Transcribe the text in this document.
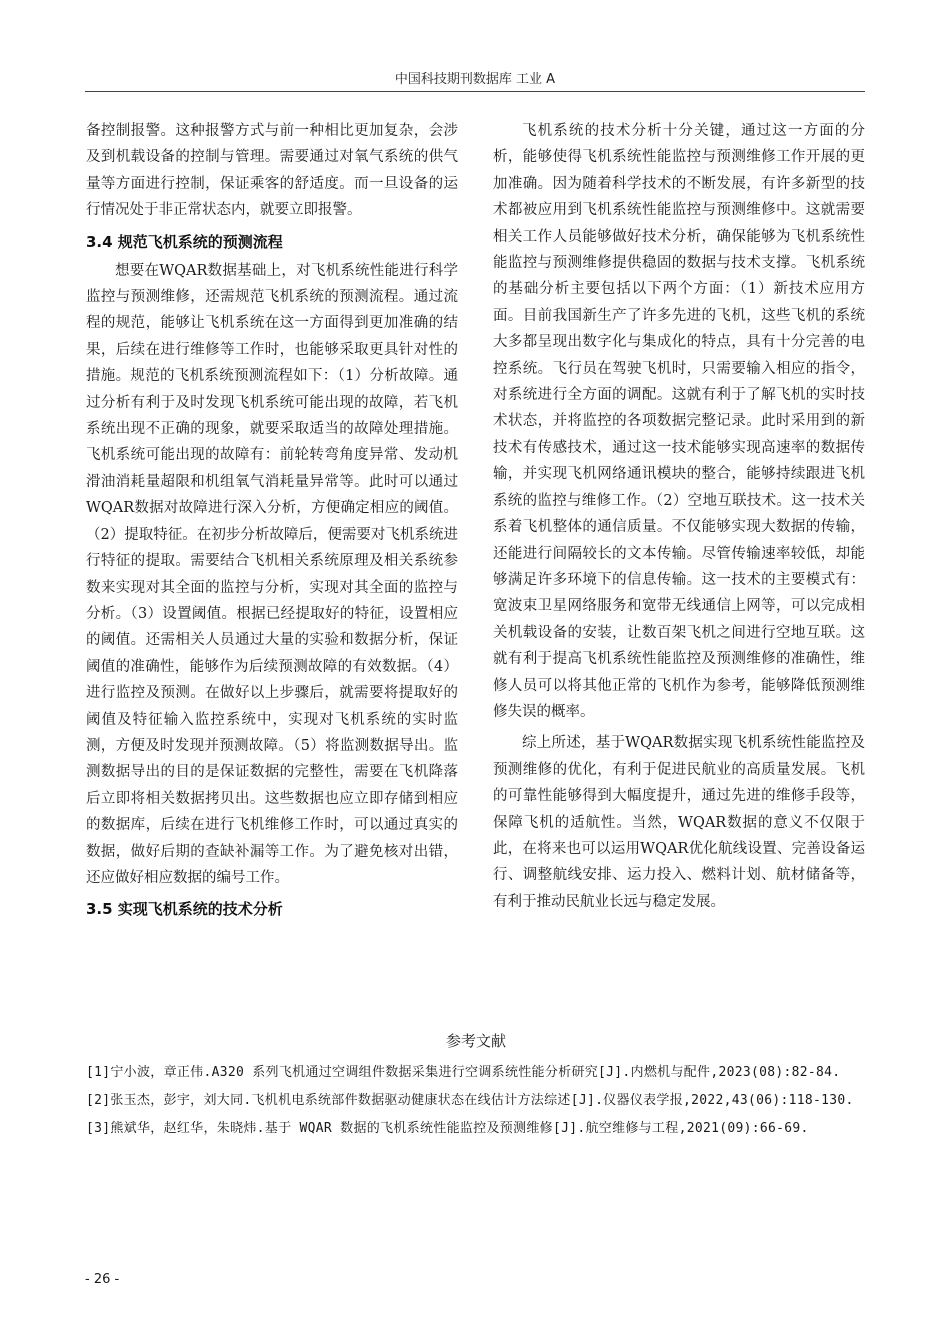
中国科技期刊数据库 工业 A

备控制报警。这种报警方式与前一种相比更加复杂，会涉及到机载设备的控制与管理。需要通过对氧气系统的供气量等方面进行控制，保证乘客的舒适度。而一旦设备的运行情况处于非正常状态内，就要立即报警。

3.4 规范飞机系统的预测流程

想要在WQAR数据基础上，对飞机系统性能进行科学监控与预测维修，还需规范飞机系统的预测流程。通过流程的规范，能够让飞机系统在这一方面得到更加准确的结果，后续在进行维修等工作时，也能够采取更具针对性的措施。规范的飞机系统预测流程如下：（1）分析故障。通过分析有利于及时发现飞机系统可能出现的故障，若飞机系统出现不正确的现象，就要采取适当的故障处理措施。飞机系统可能出现的故障有：前轮转弯角度异常、发动机滑油消耗量超限和机组氧气消耗量异常等。此时可以通过WQAR数据对故障进行深入分析，方便确定相应的阈值。（2）提取特征。在初步分析故障后，便需要对飞机系统进行特征的提取。需要结合飞机相关系统原理及相关系统参数来实现对其全面的监控与分析，实现对其全面的监控与分析。（3）设置阈值。根据已经提取好的特征，设置相应的阈值。还需相关人员通过大量的实验和数据分析，保证阈值的准确性，能够作为后续预测故障的有效数据。（4）进行监控及预测。在做好以上步骤后，就需要将提取好的阈值及特征输入监控系统中，实现对飞机系统的实时监测，方便及时发现并预测故障。（5）将监测数据导出。监测数据导出的目的是保证数据的完整性，需要在飞机降落后立即将相关数据拷贝出。这些数据也应立即存储到相应的数据库，后续在进行飞机维修工作时，可以通过真实的数据，做好后期的查缺补漏等工作。为了避免核对出错，还应做好相应数据的编号工作。

3.5 实现飞机系统的技术分析

飞机系统的技术分析十分关键，通过这一方面的分析，能够使得飞机系统性能监控与预测维修工作开展的更加准确。因为随着科学技术的不断发展，有许多新型的技术都被应用到飞机系统性能监控与预测维修中。这就需要相关工作人员能够做好技术分析，确保能够为飞机系统性能监控与预测维修提供稳固的数据与技术支撑。飞机系统的基础分析主要包括以下两个方面：（1）新技术应用方面。目前我国新生产了许多先进的飞机，这些飞机的系统大多都呈现出数字化与集成化的特点，具有十分完善的电控系统。飞行员在驾驶飞机时，只需要输入相应的指令，对系统进行全方面的调配。这就有利于了解飞机的实时技术状态，并将监控的各项数据完整记录。此时采用到的新技术有传感技术，通过这一技术能够实现高速率的数据传输，并实现飞机网络通讯模块的整合，能够持续跟进飞机系统的监控与维修工作。（2）空地互联技术。这一技术关系着飞机整体的通信质量。不仅能够实现大数据的传输，还能进行间隔较长的文本传输。尽管传输速率较低，却能够满足许多环境下的信息传输。这一技术的主要模式有：宽波束卫星网络服务和宽带无线通信上网等，可以完成相关机载设备的安装，让数百架飞机之间进行空地互联。这就有利于提高飞机系统性能监控及预测维修的准确性，维修人员可以将其他正常的飞机作为参考，能够降低预测维修失误的概率。

综上所述，基于WQAR数据实现飞机系统性能监控及预测维修的优化，有利于促进民航业的高质量发展。飞机的可靠性能够得到大幅度提升，通过先进的维修手段等，保障飞机的适航性。当然，WQAR数据的意义不仅限于此，在将来也可以运用WQAR优化航线设置、完善设备运行、调整航线安排、运力投入、燃料计划、航材储备等，有利于推动民航业长远与稳定发展。

参考文献

[1]宁小波，章正伟.A320 系列飞机通过空调组件数据采集进行空调系统性能分析研究[J].内燃机与配件,2023(08):82-84.

[2]张玉杰，彭宇，刘大同.飞机机电系统部件数据驱动健康状态在线估计方法综述[J].仪器仪表学报,2022,43(06):118-130.

[3]熊斌华，赵红华，朱晓炜.基于 WQAR 数据的飞机系统性能监控及预测维修[J].航空维修与工程,2021(09):66-69.

- 26 -
